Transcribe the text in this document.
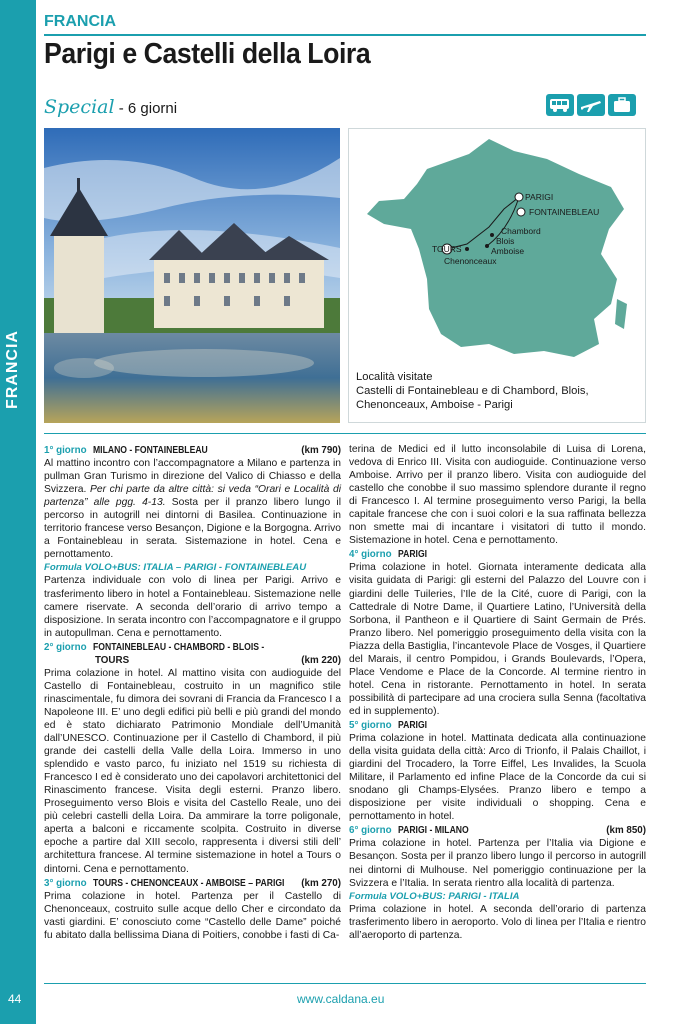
FRANCIA
44
FRANCIA
Parigi e Castelli della Loira
Special - 6 giorni
PARIGI
FONTAINEBLEAU
Chambord
Blois
Amboise
TOURS
Chenonceaux
Località visitate
Castelli di Fontainebleau e di Chambord, Blois, Chenonceaux, Amboise - Parigi
1° giorno MILANO - FONTAINEBLEAU	(km 790)

Al mattino incontro con l’accompagnatore a Milano e partenza in pullman Gran Turismo in direzione del Valico di Chiasso e della Svizzera. Per chi parte da altre città: si veda “Orari e Località di partenza” alle pgg. 4-13. Sosta per il pranzo libero lungo il percorso in autogrill nei dintorni di Basilea. Continuazione in territorio francese verso Besançon, Digione e la Borgogna. Arrivo a Fontainebleau in serata. Sistemazione in hotel. Cena e pernottamento.

Formula VOLO+BUS: ITALIA – PARIGI - FONTAINEBLEAU

Partenza individuale con volo di linea per Parigi. Arrivo e trasferimento libero in hotel a Fontainebleau. Sistemazione nelle camere riservate. A seconda dell’orario di arrivo tempo a disposizione. In serata incontro con l’accompagnatore e il gruppo in autopullman. Cena e pernottamento.

2° giorno FONTAINEBLEAU - CHAMBORD - BLOIS -
TOURS	(km 220)

Prima colazione in hotel. Al mattino visita con audioguide del Castello di Fontainebleau, costruito in un magnifico stile rinascimentale, fu dimora dei sovrani di Francia da Francesco I a Napoleone III. E’ uno degli edifici più belli e più grandi del mondo ed è stato dichiarato Patrimonio Mondiale dell’Umanità dall’UNESCO. Continuazione per il Castello di Chambord, il più grande dei castelli della Valle della Loira. Immerso in uno splendido e vasto parco, fu iniziato nel 1519 su richiesta di Francesco I ed è considerato uno dei capolavori architettonici del Rinascimento francese. Visita degli esterni. Pranzo libero. Proseguimento verso Blois e visita del Castello Reale, uno dei più celebri castelli della Loira. Da ammirare la torre poligonale, aperta a balconi e riccamente scolpita. Costruito in diverse epoche a partire dal XIII secolo, rappresenta i diversi stili dell’ architettura francese. Al termine sistemazione in hotel a Tours o dintorni. Cena e pernottamento.

3° giorno TOURS - CHENONCEAUX - AMBOISE – PARIGI (km 270)

Prima colazione in hotel. Partenza per il Castello di Chenonceaux, costruito sulle acque dello Cher e circondato da vasti giardini. E’ conosciuto come “Castello delle Dame” poiché fu abitato dalla bellissima Diana di Poitiers, conobbe i fasti di Ca-

terina de Medici ed il lutto inconsolabile di Luisa di Lorena, vedova di Enrico III. Visita con audioguide. Continuazione verso Amboise. Arrivo per il pranzo libero. Visita con audioguide del castello che conobbe il suo massimo splendore durante il regno di Francesco I. Al termine proseguimento verso Parigi, la bella capitale francese che con i suoi colori e la sua raffinata bellezza non smette mai di incantare i visitatori di tutto il mondo. Sistemazione in hotel. Cena e pernottamento.

4° giorno PARIGI

Prima colazione in hotel. Giornata interamente dedicata alla visita guidata di Parigi: gli esterni del Palazzo del Louvre con i giardini delle Tuileries, l’Ile de la Cité, cuore di Parigi, con la Cattedrale di Notre Dame, il Quartiere Latino, l’Università della Sorbona, il Pantheon e il Quartiere di Saint Germain de Prés. Pranzo libero. Nel pomeriggio proseguimento della visita con la Piazza della Bastiglia, l’incantevole Place de Vosges, il Quartiere del Marais, il centro Pompidou, i Grands Boulevards, l’Opera, Place Vendome e Place de la Concorde. Al termine rientro in hotel. Cena in ristorante. Pernottamento in hotel. In serata possibilità di partecipare ad una crociera sulla Senna (facoltativa ed in supplemento).

5° giorno PARIGI

Prima colazione in hotel. Mattinata dedicata alla continuazione della visita guidata della città: Arco di Trionfo, il Palais Chaillot, i giardini del Trocadero, la Torre Eiffel, Les Invalides, la Scuola Militare, il Parlamento ed infine Place de la Concorde da cui si snodano gli Champs-Elysées. Pranzo libero e tempo a disposizione per visite individuali o shopping. Cena e pernottamento in hotel.

6° giorno PARIGI - MILANO	(km 850)

Prima colazione in hotel. Partenza per l’Italia via Digione e Besançon. Sosta per il pranzo libero lungo il percorso in autogrill nei dintorni di Mulhouse. Nel pomeriggio continuazione per la Svizzera e l’Italia. In serata rientro alla località di partenza.

Formula VOLO+BUS: PARIGI - ITALIA

Prima colazione in hotel. A seconda dell’orario di partenza trasferimento libero in aeroporto. Volo di linea per l’Italia e rientro all’aeroporto di partenza.

www.caldana.eu
